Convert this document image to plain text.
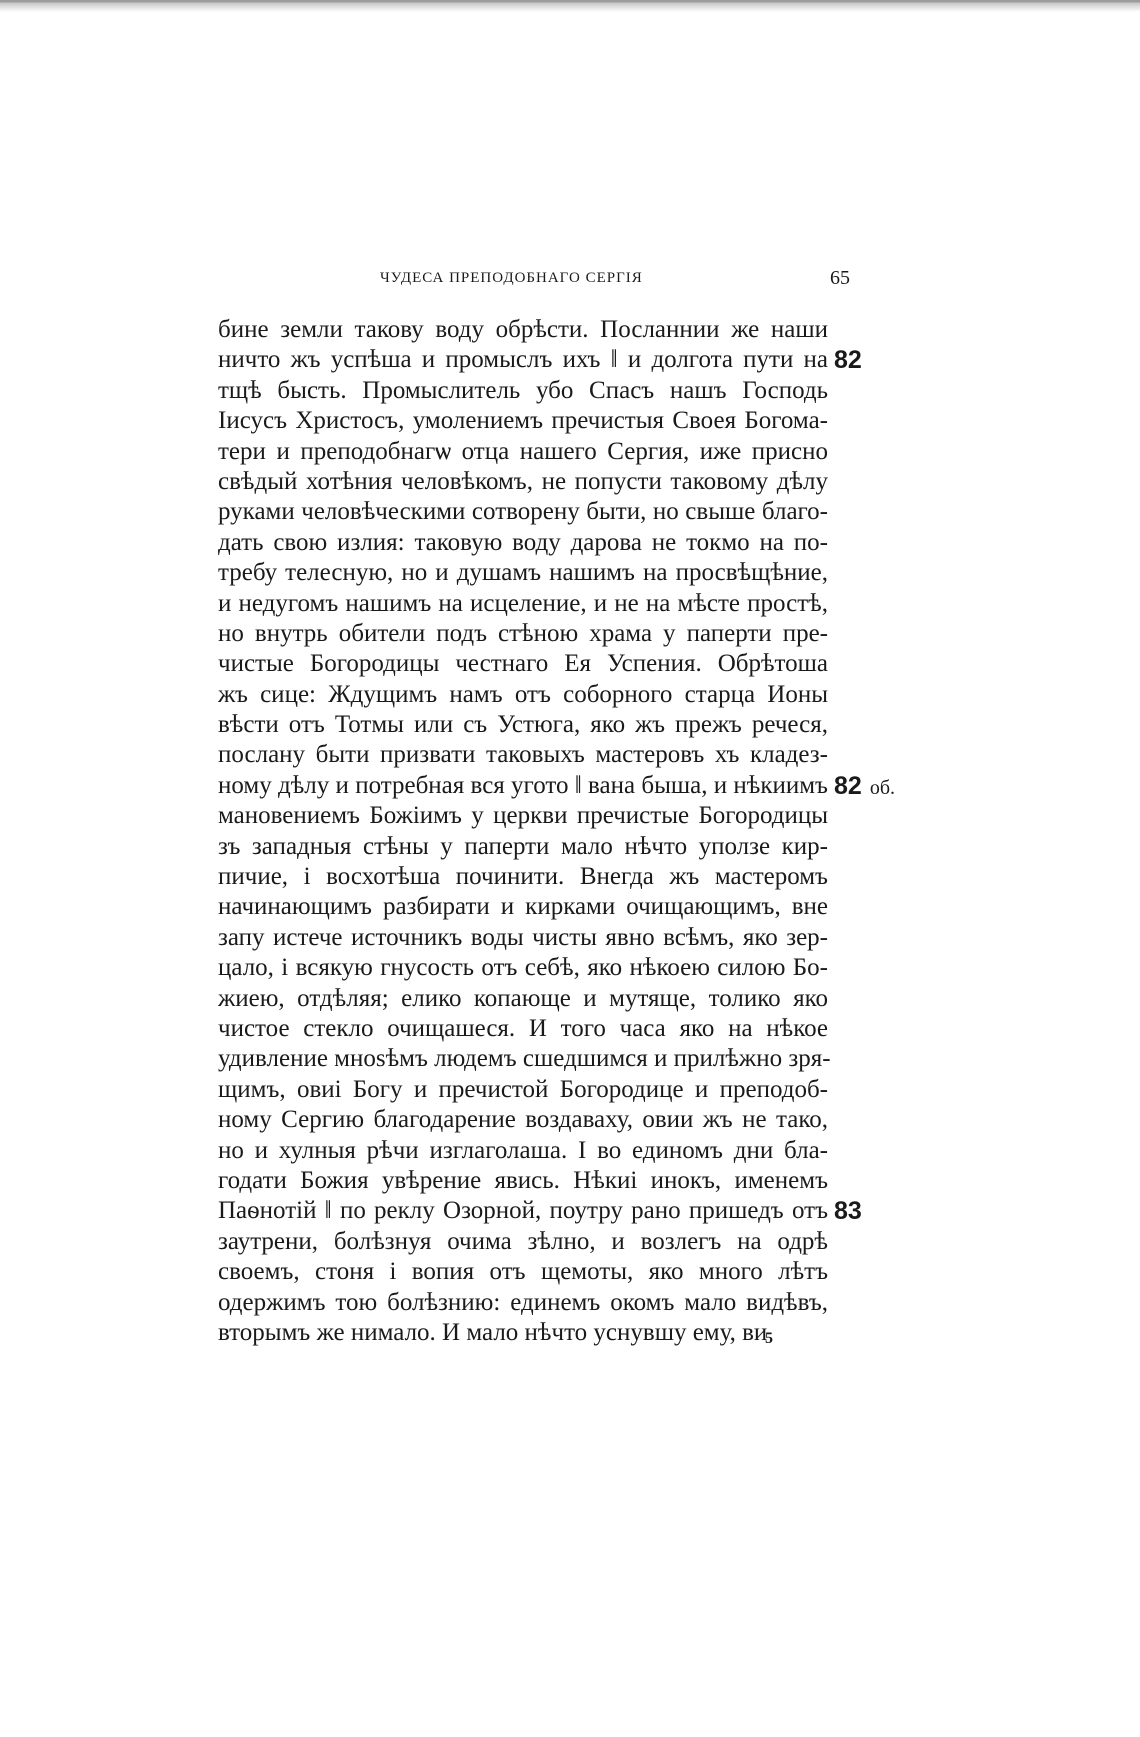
ЧУДЕСА ПРЕПОДОБНАГО СЕРГІЯ	65
бине земли такову воду обрѣсти. Посланнии же наши
ничто жъ успѣша и промыслъ ихъ ‖ и долгота пути на 82
тщѣ бысть. Промыслитель убо Спасъ нашъ Господь
Іисусъ Христосъ, умолениемъ пречистыя Своея Богома-
тери и преподобнагѡ отца нашего Сергия, иже присно
свѣдый хотѣния человѣкомъ, не попусти таковому дѣлу
руками человѣческими сотворену быти, но свыше благо-
дать свою излия: таковую воду дарова не токмо на по-
требу телесную, но и душамъ нашимъ на просвѣщѣние,
и недугомъ нашимъ на исцеление, и не на мѣсте простѣ,
но внутрь обители подъ стѣною храма у паперти пре-
чистые Богородицы честнаго Ея Успения. Обрѣтоша
жъ сице: Ждущимъ намъ отъ соборного старца Ионы
вѣсти отъ Тотмы или съ Устюга, яко жъ прежъ речеся,
послану быти призвати таковыхъ мастеровъ хъ кладез-
ному дѣлу и потребная вся угото ‖ вана быша, и нѣкиимъ 82 об.
мановениемъ Божіимъ у церкви пречистые Богородицы
зъ западныя стѣны у паперти мало нѣчто уползе кир-
пичие, і восхотѣша починити. Внегда жъ мастеромъ
начинающимъ разбирати и кирками очищающимъ, вне
запу истече источникъ воды чисты явно всѣмъ, яко зер-
цало, і всякую гнусость отъ себѣ, яко нѣкоею силою Бо-
жиею, отдѣляя; елико копающе и мутяще, толико яко
чистое стекло очищашеся. И того часа яко на нѣкое
удивление мноѕѣмъ людемъ сшедшимся и прилѣжно зря-
щимъ, овиі Богу и пречистой Богородице и преподоб-
ному Сергию благодарение воздаваху, овии жъ не тако,
но и хулныя рѣчи изглаголаша. І во единомъ дни бла-
годати Божия увѣрение явись. Нѣкиі инокъ, именемъ
Паѳнотій ‖ по реклу Озорной, поутру рано пришедъ отъ 83
заутрени, болѣзнуя очима зѣлно, и возлегъ на одрѣ
своемъ, стоня і вопия отъ щемоты, яко много лѣтъ
одержимъ тою болѣзнию: единемъ окомъ мало видѣвъ,
вторымъ же нимало. И мало нѣчто уснувшу ему, ви
5
